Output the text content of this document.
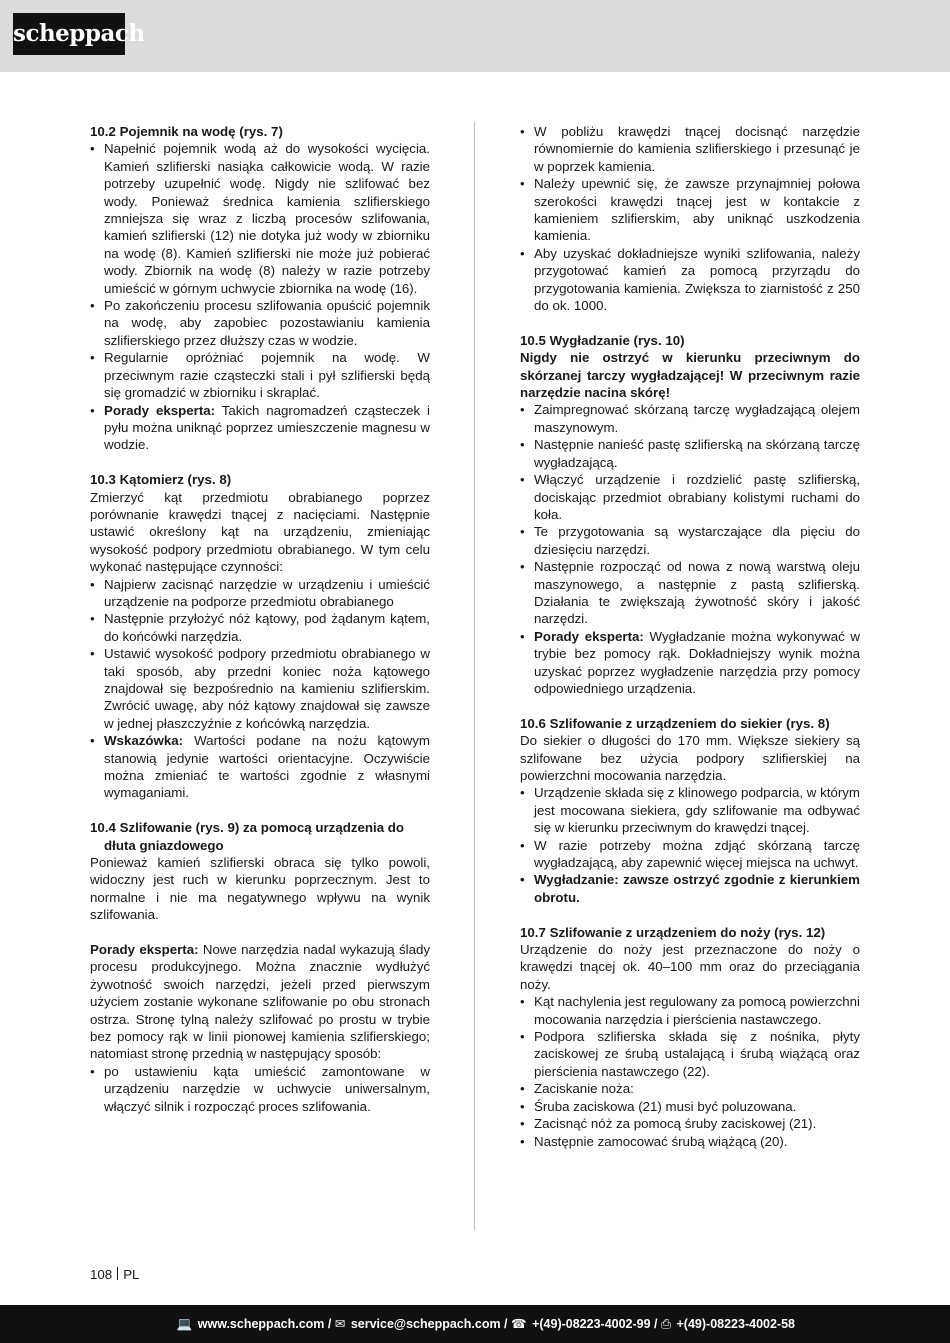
scheppach
10.2 Pojemnik na wodę (rys. 7)
• Napełnić pojemnik wodą aż do wysokości wycięcia. Kamień szlifierski nasiąka całkowicie wodą. W razie potrzeby uzupełnić wodę. Nigdy nie szlifować bez wody. Ponieważ średnica kamienia szlifierskiego zmniejsza się wraz z liczbą procesów szlifowania, kamień szlifierski (12) nie dotyka już wody w zbiorniku na wodę (8). Kamień szlifierski nie może już pobierać wody. Zbiornik na wodę (8) należy w razie potrzeby umieścić w górnym uchwycie zbiornika na wodę (16).
• Po zakończeniu procesu szlifowania opuścić pojemnik na wodę, aby zapobiec pozostawianiu kamienia szlifierskiego przez dłuższy czas w wodzie.
• Regularnie opróżniać pojemnik na wodę. W przeciwnym razie cząsteczki stali i pył szlifierski będą się gromadzić w zbiorniku i skraplać.
• Porady eksperta: Takich nagromadzeń cząsteczek i pyłu można uniknąć poprzez umieszczenie magnesu w wodzie.
10.3 Kątomierz (rys. 8)

Zmierzyć kąt przedmiotu obrabianego poprzez porównanie krawędzi tnącej z nacięciami. Następnie ustawić określony kąt na urządzeniu, zmieniając wysokość podpory przedmiotu obrabianego. W tym celu wykonać następujące czynności:

• Najpierw zacisnąć narzędzie w urządzeniu i umieścić urządzenie na podporze przedmiotu obrabianego
• Następnie przyłożyć nóż kątowy, pod żądanym kątem, do końcówki narzędzia.
• Ustawić wysokość podpory przedmiotu obrabianego w taki sposób, aby przedni koniec noża kątowego znajdował się bezpośrednio na kamieniu szlifierskim. Zwrócić uwagę, aby nóż kątowy znajdował się zawsze w jednej płaszczyźnie z końcówką narzędzia.
• Wskazówka: Wartości podane na nożu kątowym stanowią jedynie wartości orientacyjne. Oczywiście można zmieniać te wartości zgodnie z własnymi wymaganiami.
10.4 Szlifowanie (rys. 9) za pomocą urządzenia do dłuta gniazdowego

Ponieważ kamień szlifierski obraca się tylko powoli, widoczny jest ruch w kierunku poprzecznym. Jest to normalne i nie ma negatywnego wpływu na wynik szlifowania.

Porady eksperta: Nowe narzędzia nadal wykazują ślady procesu produkcyjnego. Można znacznie wydłużyć żywotność swoich narzędzi, jeżeli przed pierwszym użyciem zostanie wykonane szlifowanie po obu stronach ostrza. Stronę tylną należy szlifować po prostu w trybie bez pomocy rąk w linii pionowej kamienia szlifierskiego; natomiast stronę przednią w następujący sposób:

• po ustawieniu kąta umieścić zamontowane w urządzeniu narzędzie w uchwycie uniwersalnym, włączyć silnik i rozpocząć proces szlifowania.
• W pobliżu krawędzi tnącej docisnąć narzędzie równomiernie do kamienia szlifierskiego i przesunąć je w poprzek kamienia.
• Należy upewnić się, że zawsze przynajmniej połowa szerokości krawędzi tnącej jest w kontakcie z kamieniem szlifierskim, aby uniknąć uszkodzenia kamienia.
• Aby uzyskać dokładniejsze wyniki szlifowania, należy przygotować kamień za pomocą przyrządu do przygotowania kamienia. Zwiększa to ziarnistość z 250 do ok. 1000.
10.5 Wygładzanie (rys. 10)

Nigdy nie ostrzyć w kierunku przeciwnym do skórzanej tarczy wygładzającej! W przeciwnym razie narzędzie nacina skórę!

• Zaimpregnować skórzaną tarczę wygładzającą olejem maszynowym.
• Następnie nanieść pastę szlifierską na skórzaną tarczę wygładzającą.
• Włączyć urządzenie i rozdzielić pastę szlifierską, dociskając przedmiot obrabiany kolistymi ruchami do koła.
• Te przygotowania są wystarczające dla pięciu do dziesięciu narzędzi.
• Następnie rozpocząć od nowa z nową warstwą oleju maszynowego, a następnie z pastą szlifierską. Działania te zwiększają żywotność skóry i jakość narzędzi.
• Porady eksperta: Wygładzanie można wykonywać w trybie bez pomocy rąk. Dokładniejszy wynik można uzyskać poprzez wygładzenie narzędzia przy pomocy odpowiedniego urządzenia.
10.6 Szlifowanie z urządzeniem do siekier (rys. 8)

Do siekier o długości do 170 mm. Większe siekiery są szlifowane bez użycia podpory szlifierskiej na powierzchni mocowania narzędzia.

• Urządzenie składa się z klinowego podparcia, w którym jest mocowana siekiera, gdy szlifowanie ma odbywać się w kierunku przeciwnym do krawędzi tnącej.
• W razie potrzeby można zdjąć skórzaną tarczę wygładzającą, aby zapewnić więcej miejsca na uchwyt.
• Wygładzanie: zawsze ostrzyć zgodnie z kierunkiem obrotu.
10.7 Szlifowanie z urządzeniem do noży (rys. 12)

Urządzenie do noży jest przeznaczone do noży o krawędzi tnącej ok. 40–100 mm oraz do przeciągania noży.

• Kąt nachylenia jest regulowany za pomocą powierzchni mocowania narzędzia i pierścienia nastawczego.
• Podpora szlifierska składa się z nośnika, płyty zaciskowej ze śrubą ustalającą i śrubą wiążącą oraz pierścienia nastawczego (22).
• Zaciskanie noża:
• Śruba zaciskowa (21) musi być poluzowana.
• Zacisnąć nóż za pomocą śruby zaciskowej (21).
• Następnie zamocować śrubą wiążącą (20).
108 PL
💻 www.scheppach.com / ✉ service@scheppach.com / ☎ +(49)-08223-4002-99 / ⎙ +(49)-08223-4002-58
